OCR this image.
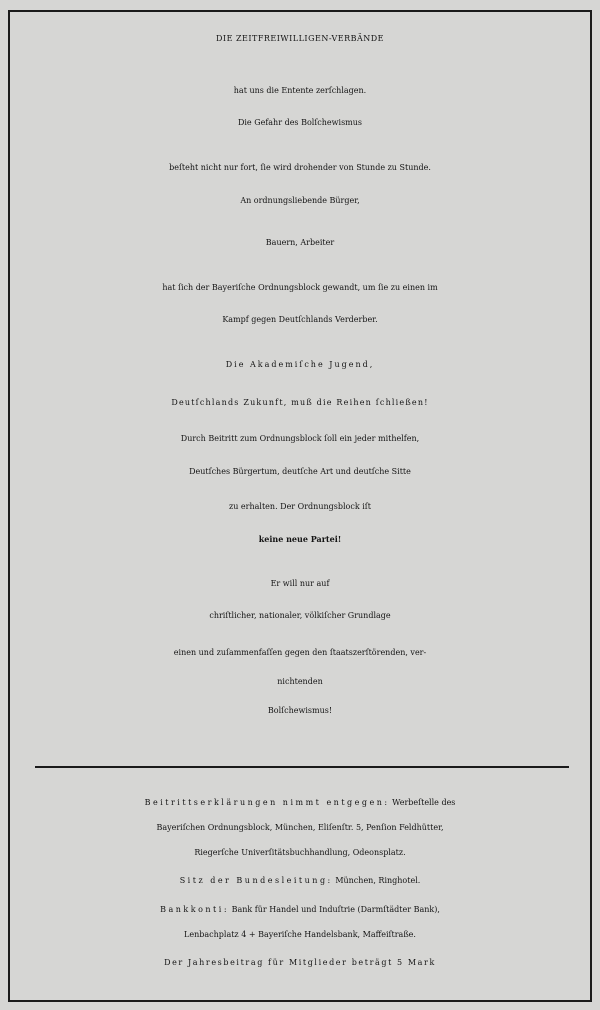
DIE ZEITFREIWILLIGEN-VERBÄNDE
hat uns die Entente zerſchlagen.
Die Gefahr des Bolſchewismus
beſteht nicht nur fort, ſie wird drohender von Stunde zu Stunde.
An ordnungsliebende Bürger,
Bauern, Arbeiter
hat ſich der Bayeriſche Ordnungsblock gewandt, um ſie zu einen im
Kampf gegen Deutſchlands Verderber.
Die Akademiſche Jugend,
Deutſchlands Zukunft, muß die Reihen ſchließen!
Durch Beitritt zum Ordnungsblock ſoll ein jeder mithelfen,
Deutſches Bürgertum, deutſche Art und deutſche Sitte
zu erhalten. Der Ordnungsblock iſt
keine neue Partei!
Er will nur auf
chriſtlicher, nationaler, völkiſcher Grundlage
einen und zuſammenfaſſen gegen den ſtaatszerſtörenden, ver-
nichtenden
Bolſchewismus!
Beitrittserklärungen nimmt entgegen: Werbeſtelle des
Bayeriſchen Ordnungsblock, München, Eliſenſtr. 5, Penſion Feldhütter,
Riegerſche Univerſitätsbuchhandlung, Odeonsplatz.
Sitz der Bundesleitung: München, Ringhotel.
Bankkonti: Bank für Handel und Induſtrie (Darmſtädter Bank),
Lenbachplatz 4 + Bayeriſche Handelsbank, Maffeiſtraße.
Der Jahresbeitrag für Mitglieder beträgt 5 Mark
